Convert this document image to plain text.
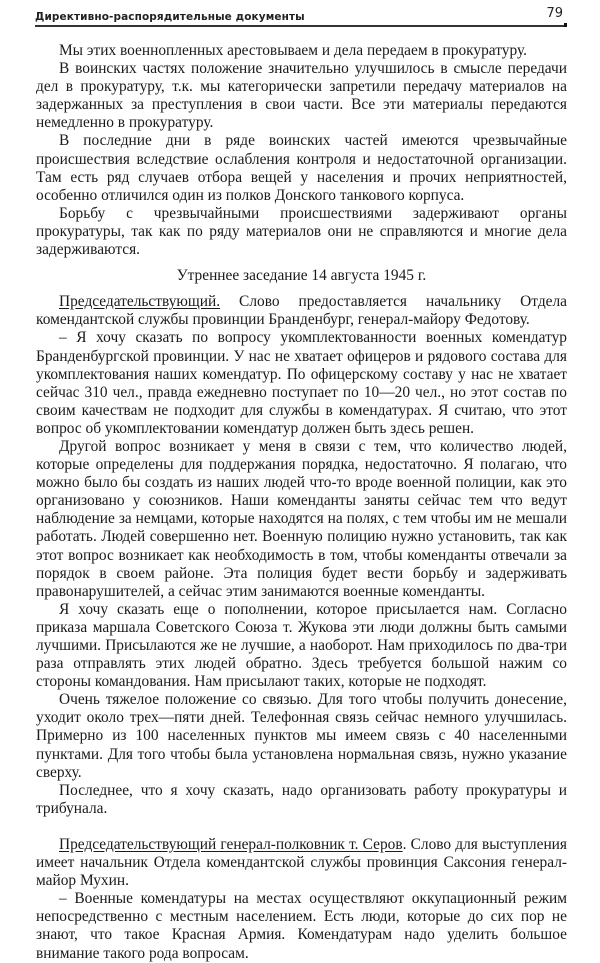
Директивно-распорядительные документы	79

Мы этих военнопленных арестовываем и дела передаем в прокуратуру.

В воинских частях положение значительно улучшилось в смысле передачи дел в прокуратуру, т.к. мы категорически запретили передачу материалов на задержанных за преступления в свои части. Все эти материалы передаются немедленно в прокуратуру.

В последние дни в ряде воинских частей имеются чрезвычайные происшествия вследствие ослабления контроля и недостаточной организации. Там есть ряд случаев отбора вещей у населения и прочих неприятностей, особенно отличился один из полков Донского танкового корпуса.

Борьбу с чрезвычайными происшествиями задерживают органы прокуратуры, так как по ряду материалов они не справляются и многие дела задерживаются.

Утреннее заседание 14 августа 1945 г.

Председательствующий. Слово предоставляется начальнику Отдела комендантской службы провинции Бранденбург, генерал-майору Федотову.

– Я хочу сказать по вопросу укомплектованности военных комендатур Бранденбургской провинции. У нас не хватает офицеров и рядового состава для укомплектования наших комендатур. По офицерскому составу у нас не хватает сейчас 310 чел., правда ежедневно поступает по 10—20 чел., но этот состав по своим качествам не подходит для службы в комендатурах. Я считаю, что этот вопрос об укомплектовании комендатур должен быть здесь решен.

Другой вопрос возникает у меня в связи с тем, что количество людей, которые определены для поддержания порядка, недостаточно. Я полагаю, что можно было бы создать из наших людей что-то вроде военной полиции, как это организовано у союзников. Наши коменданты заняты сейчас тем что ведут наблюдение за немцами, которые находятся на полях, с тем чтобы им не мешали работать. Людей совершенно нет. Военную полицию нужно установить, так как этот вопрос возникает как необходимость в том, чтобы коменданты отвечали за порядок в своем районе. Эта полиция будет вести борьбу и задерживать правонарушителей, а сейчас этим занимаются военные коменданты.

Я хочу сказать еще о пополнении, которое присылается нам. Согласно приказа маршала Советского Союза т. Жукова эти люди должны быть самыми лучшими. Присылаются же не лучшие, а наоборот. Нам приходилось по два-три раза отправлять этих людей обратно. Здесь требуется большой нажим со стороны командования. Нам присылают таких, которые не подходят.

Очень тяжелое положение со связью. Для того чтобы получить донесение, уходит около трех—пяти дней. Телефонная связь сейчас немного улучшилась. Примерно из 100 населенных пунктов мы имеем связь с 40 населенными пунктами. Для того чтобы была установлена нормальная связь, нужно указание сверху.

Последнее, что я хочу сказать, надо организовать работу прокуратуры и трибунала.

Председательствующий генерал-полковник т. Серов. Слово для выступления имеет начальник Отдела комендантской службы провинция Саксония генерал-майор Мухин.

– Военные комендатуры на местах осуществляют оккупационный режим непосредственно с местным населением. Есть люди, которые до сих пор не знают, что такое Красная Армия. Комендатурам надо уделить большое внимание такого рода вопросам.
